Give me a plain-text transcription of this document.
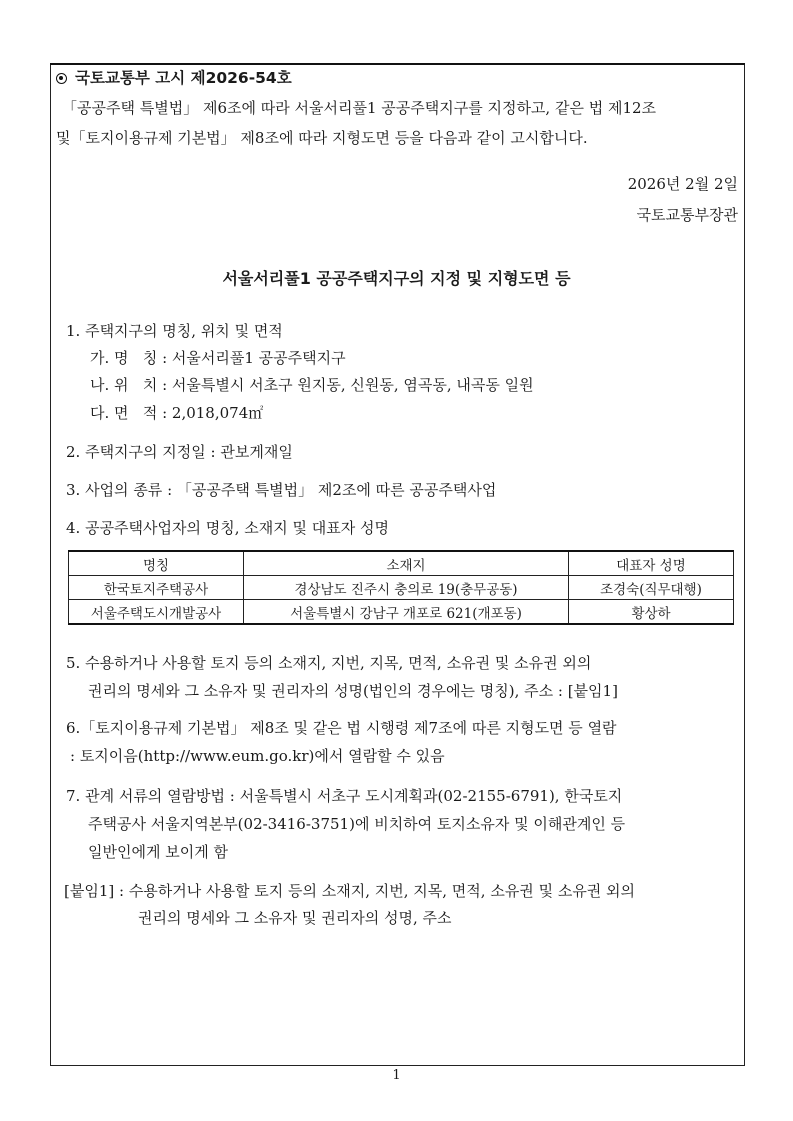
국토교통부 고시 제2026-54호
「공공주택 특별법」 제6조에 따라 서울서리풀1 공공주택지구를 지정하고, 같은 법 제12조
및「토지이용규제 기본법」 제8조에 따라 지형도면 등을 다음과 같이 고시합니다.
2026년 2월 2일
국토교통부장관
서울서리풀1 공공주택지구의 지정 및 지형도면 등
1. 주택지구의 명칭, 위치 및 면적
가. 명   칭 : 서울서리풀1 공공주택지구
나. 위   치 : 서울특별시 서초구 원지동, 신원동, 염곡동, 내곡동 일원
다. 면   적 : 2,018,074㎡
2. 주택지구의 지정일 : 관보게재일
3. 사업의 종류 : 「공공주택 특별법」 제2조에 따른 공공주택사업
4. 공공주택사업자의 명칭, 소재지 및 대표자 성명
명칭	소재지	대표자 성명
한국토지주택공사	경상남도 진주시 충의로 19(충무공동)	조경숙(직무대행)
서울주택도시개발공사	서울특별시 강남구 개포로 621(개포동)	황상하
5. 수용하거나 사용할 토지 등의 소재지, 지번, 지목, 면적, 소유권 및 소유권 외의
권리의 명세와 그 소유자 및 권리자의 성명(법인의 경우에는 명칭), 주소 : [붙임1]
6.「토지이용규제 기본법」 제8조 및 같은 법 시행령 제7조에 따른 지형도면 등 열람
: 토지이음(http://www.eum.go.kr)에서 열람할 수 있음
7. 관계 서류의 열람방법 : 서울특별시 서초구 도시계획과(02-2155-6791), 한국토지
주택공사 서울지역본부(02-3416-3751)에 비치하여 토지소유자 및 이해관계인 등
일반인에게 보이게 함
[붙임1] : 수용하거나 사용할 토지 등의 소재지, 지번, 지목, 면적, 소유권 및 소유권 외의
권리의 명세와 그 소유자 및 권리자의 성명, 주소
1
